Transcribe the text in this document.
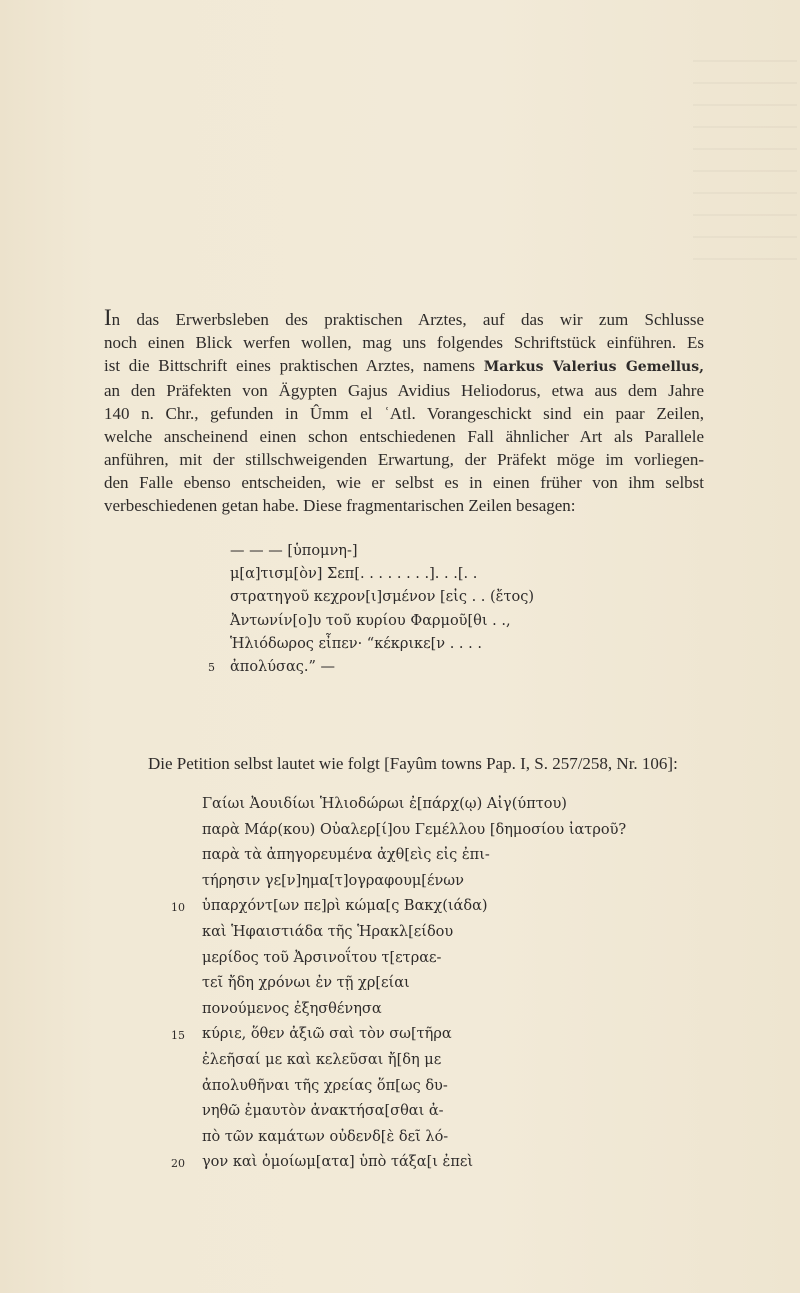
In das Erwerbsleben des praktischen Arztes, auf das wir zum Schlusse
noch einen Blick werfen wollen, mag uns folgendes Schriftstück einführen. Es
ist die Bittschrift eines praktischen Arztes, namens Markus Valerius Gemellus,
an den Präfekten von Ägypten Gajus Avidius Heliodorus, etwa aus dem Jahre
140 n. Chr., gefunden in Ûmm el ʿAtl. Vorangeschickt sind ein paar Zeilen,
welche anscheinend einen schon entschiedenen Fall ähnlicher Art als Parallele
anführen, mit der stillschweigenden Erwartung, der Präfekt möge im vorliegen-
den Falle ebenso entscheiden, wie er selbst es in einen früher von ihm selbst
verbeschiedenen getan habe. Diese fragmentarischen Zeilen besagen:
— — — [ὑπομνη-]
μ[α]τισμ[ὸν] Σεπ[. . . . . . . .]. . .[. .
στρατηγοῦ κεχρον[ι]σμένον [εἰς . . (ἔτος)
Ἀντωνίν[ο]υ τοῦ κυρίου Φαρμοῦ[θι . .,
Ἡλιόδωρος εἶπεν· “κέκρικε[ν . . . .
5 ἀπολύσας.” —
Die Petition selbst lautet wie folgt [Fayûm towns Pap. I, S. 257/258, Nr. 106]:
Γαίωι Ἀουιδίωι Ἡλιοδώρωι ἐ[πάρχ(ῳ) Αἰγ(ύπτου)
παρὰ Μάρ(κου) Οὐαλερ[ί]ου Γεμέλλου [δημοσίου ἰατροῦ?
παρὰ τὰ ἀπηγορευμένα ἀχθ[εὶς εἰς ἐπι-
τήρησιν γε[ν]ημα[τ]ογραφουμ[ένων
10 ὑπαρχόντ[ων πε]ρὶ κώμα[ς Βακχ(ιάδα)
καὶ Ἡφαιστιάδα τῆς Ἡρακλ[είδου
μερίδος τοῦ Ἀρσινοΐτου τ[ετραε-
τεῖ ἤδη χρόνωι ἐν τῇ χρ[είαι
πονούμενος ἐξησθένησα
15 κύριε, ὅθεν ἀξιῶ σαὶ τὸν σω[τῆρα
ἐλεῆσαί με καὶ κελεῦσαι ἤ[δη με
ἀπολυθῆναι τῆς χρείας ὅπ[ως δυ-
νηθῶ ἐμαυτὸν ἀνακτήσα[σθαι ἀ-
πὸ τῶν καμάτων οὐδενδ[ὲ δεῖ λό-
20 γον καὶ ὁμοίωμ[ατα] ὑπὸ τάξα[ι ἐπεὶ
